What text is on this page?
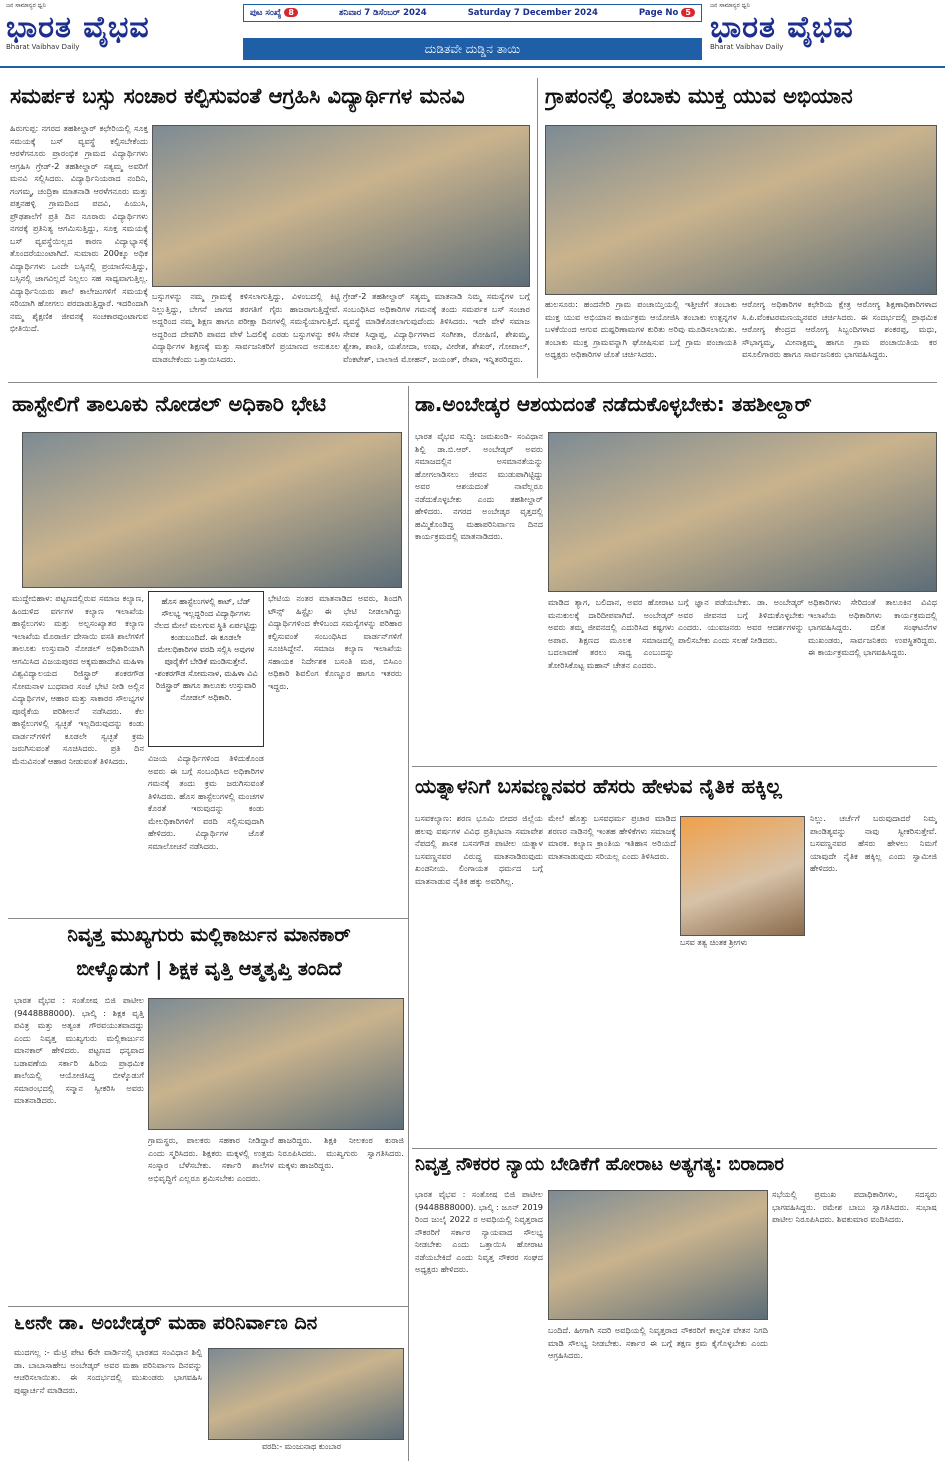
ಜನ ಸಾಮಾನ್ಯರ ಧ್ವನಿ
ಭಾರತ ವೈಭವ
Bharat Vaibhav Daily
ಪುಟ ಸಂಖ್ಯೆ 8	ಶನಿವಾರ 7 ಡಿಸೆಂಬರ್ 2024	Saturday 7 December 2024	Page No 5
ದುಡಿತವೇ ದುಡ್ಡಿನ ತಾಯಿ
ಜನ ಸಾಮಾನ್ಯರ ಧ್ವನಿ
ಭಾರತ ವೈಭವ
Bharat Vaibhav Daily
ಸಮರ್ಪಕ ಬಸ್ಸು ಸಂಚಾರ ಕಲ್ಪಿಸುವಂತೆ ಆಗ್ರಹಿಸಿ ವಿದ್ಯಾರ್ಥಿಗಳ ಮನವಿ
ಹಿರುಗುಪ್ಪ: ನಗರದ ತಹಶೀಲ್ದಾರ್ ಕಛೇರಿಯಲ್ಲಿ ಸೂಕ್ತ ಸಮಯಕ್ಕೆ ಬಸ್ ವ್ಯವಸ್ಥೆ ಕಲ್ಪಿಸಬೇಕೆಂದು ಆರಳೆಗನೂರು ಪ್ರಾರಂಭಿಕ ಗ್ರಾಮದ ವಿದ್ಯಾರ್ಥಿಗಳು ಆಗ್ರಹಿಸಿ ಗ್ರೇಡ್-2 ತಹಶೀಲ್ದಾರ್ ಸತ್ಯಮ್ಮ ಅವರಿಗೆ ಮನವಿ ಸಲ್ಲಿಸಿದರು. ವಿದ್ಯಾರ್ಥಿನಿಯರಾದ ನಂದಿನಿ, ಗಂಗಮ್ಮ, ಚಂದ್ರಿಕಾ ಮಾತನಾಡಿ ಆರಳೆಗನೂರು ಮತ್ತು ಪತ್ತನಹಳ್ಳಿ ಗ್ರಾಮದಿಂದ ಪದವಿ, ಪಿಯುಸಿ, ಪ್ರೌಢಶಾಲೆಗೆ ಪ್ರತಿ ದಿನ ನೂರಾರು ವಿದ್ಯಾರ್ಥಿಗಳು ನಗರಕ್ಕೆ ಪ್ರತಿನಿತ್ಯ ಆಗಮಿಸುತ್ತಿದ್ದು, ಸೂಕ್ತ ಸಮಯಕ್ಕೆ ಬಸ್ ವ್ಯವಸ್ಥೆಯಿಲ್ಲದ ಕಾರಣ ವಿದ್ಯಾಭ್ಯಾಸಕ್ಕೆ ತೊಂದರೆಯುಂಟಾಗಿದೆ. ಸುಮಾರು 200ಕ್ಕೂ ಅಧಿಕ ವಿದ್ಯಾರ್ಥಿಗಳು ಒಂದೇ ಬಸ್ಸಿನಲ್ಲಿ ಪ್ರಯಾಣಿಸುತ್ತಿದ್ದು, ಬಸ್ಸಿನಲ್ಲಿ ಜಾಗವಿಲ್ಲದೆ ನಿಲ್ಲಲು ಸಹ ಸಾಧ್ಯವಾಗುತ್ತಿಲ್ಲ. ವಿದ್ಯಾರ್ಥಿನಿಯರು ಶಾಲೆ ಕಾಲೇಜುಗಳಿಗೆ ಸಮಯಕ್ಕೆ ಸರಿಯಾಗಿ ಹೋಗಲು ಪರದಾಡುತ್ತಿದ್ದಾರೆ. ಇದರಿಂದಾಗಿ ನಮ್ಮ ಶೈಕ್ಷಣಿಕ ಜೀವನಕ್ಕೆ ಸಂಚಕಾರವುಂಟಾಗುವ ಭೀತಿಯಿದೆ.
ಬಸ್ಸುಗಳನ್ನು ನಮ್ಮ ಗ್ರಾಮಕ್ಕೆ ಕಳಿಸಲಾಗುತ್ತಿದ್ದು, ವಿಳಂಬದಲ್ಲಿ ಕಿಟ್ಟಿ ನಿಲ್ಲುತ್ತಿದ್ದು, ಬೇಗನೆ ಜಾಗದ ತರಗತಿಗೆ ಗೈರು ಹಾಜರಾಗುತ್ತಿದ್ದೇವೆ. ಅದ್ದರಿಂದ ನಮ್ಮ ಶಿಕ್ಷಣ ಹಾಗೂ ಪರೀಕ್ಷಾ ದಿನಗಳಲ್ಲಿ ಸಮಸ್ಯೆಯಾಗುತ್ತಿದೆ. ಅದ್ದರಿಂದ ದೇವಗಿರಿ ಪಾವದ ವೇಳೆ ಓದಲಿಕ್ಕೆ ಎರಡು ಬಸ್ಸುಗಳನ್ನು ಕಳಿಸಿ ವಿದ್ಯಾರ್ಥಿಗಳ ಶಿಕ್ಷಣಕ್ಕೆ ಮತ್ತು ಸಾರ್ವಜನಿಕರಿಗೆ ಪ್ರಯಾಣದ ಅನುಕೂಲ ಮಾಡಬೇಕೆಂದು ಒತ್ತಾಯಿಸಿದರು.
ಗ್ರೇಡ್-2 ತಹಶೀಲ್ದಾರ್ ಸತ್ಯಮ್ಮ ಮಾತನಾಡಿ ನಿಮ್ಮ ಸಮಸ್ಯೆಗಳ ಬಗ್ಗೆ ಸಂಬಂಧಿಸಿದ ಅಧಿಕಾರಿಗಳ ಗಮನಕ್ಕೆ ತಂದು ಸಮರ್ಪಕ ಬಸ್ ಸಂಚಾರ ವ್ಯವಸ್ಥೆ ಮಾಡಿಕೊಡಲಾಗುವುದೆಂದು ತಿಳಿಸಿದರು. ಇದೇ ವೇಳೆ ಸಮಾಜ ಸೇವಕ ಸಿದ್ದಾಪ್ಪ, ವಿದ್ಯಾರ್ಥಿಗಳಾದ ಸಂಗೀತಾ, ರೋಹಿಣಿ, ಶೇಖಮ್ಮ, ಶ್ವೇತಾ, ಶಾಂತಿ, ಯಶೋದಾ, ಉಷಾ, ವೀರೇಶ, ಶೇಖರ್, ಗೋಪಾಲ್, ವೆಂಕಟೇಶ್, ಬಾಲಾಜಿ ಮೋಹನ್, ಜಯಂತ್, ರೇಖಾ, ಇನ್ನಿತರರಿದ್ದರು.
ಗ್ರಾಪಂನಲ್ಲಿ ತಂಬಾಕು ಮುಕ್ತ ಯುವ ಅಭಿಯಾನ
ಹುಲಸೂರು: ಹಂದನೇರಿ ಗ್ರಾಮ ಪಂಚಾಯ್ತಿಯಲ್ಲಿ ಇತ್ತೀಚೆಗೆ ತಂಬಾಕು ಮುಕ್ತ ಯುವ ಅಭಿಯಾನ ಕಾರ್ಯಕ್ರಮ ಆಯೋಜಿಸಿ ತಂಬಾಕು ಉತ್ಪನ್ನಗಳ ಬಳಕೆಯಿಂದ ಆಗುವ ದುಷ್ಪರಿಣಾಮಗಳ ಕುರಿತು ಅರಿವು ಮೂಡಿಸಲಾಯಿತು. ತಂಬಾಕು ಮುಕ್ತ ಗ್ರಾಮವನ್ನಾಗಿ ಘೋಷಿಸುವ ಬಗ್ಗೆ ಗ್ರಾಮ ಪಂಚಾಯತಿ ಅಧ್ಯಕ್ಷರು ಅಧಿಕಾರಿಗಳ ಜೊತೆ ಚರ್ಚಿಸಿದರು.
ಆರೋಗ್ಯ ಅಧಿಕಾರಿಗಳ ಕಛೇರಿಯ ಕ್ಷೇತ್ರ ಆರೋಗ್ಯ ಶಿಕ್ಷಣಾಧಿಕಾರಿಗಳಾದ ಸಿ.ಪಿ.ವೆಂಕಟರಮಣಯ್ಯನವರ ಚರ್ಚಿಸಿದರು. ಈ ಸಂದರ್ಭದಲ್ಲಿ ಪ್ರಾಥಮಿಕ ಆರೋಗ್ಯ ಕೇಂದ್ರದ ಆರೋಗ್ಯ ಸಿಬ್ಬಂದಿಗಳಾದ ಶಂಕರಪ್ಪ, ಮಧು, ಸೌಭಾಗ್ಯಮ್ಮ, ಮೀನಾಕ್ಷಮ್ಮ ಹಾಗೂ ಗ್ರಾಮ ಪಂಚಾಯಿತಿಯ ಕರ ವಸೂಲಿಗಾರರು ಹಾಗೂ ಸಾರ್ವಜನಿಕರು ಭಾಗವಹಿಸಿದ್ದರು.
ಹಾಸ್ಟೇಲಿಗೆ ತಾಲೂಕು ನೋಡಲ್ ಅಧಿಕಾರಿ ಭೇಟಿ
ಹೊಸ ಹಾಸ್ಟೆಲುಗಳಲ್ಲಿ ಕಾಟ್, ಬೆಡ್ ಸೌಲಭ್ಯ ಇಲ್ಲದ್ದರಿಂದ ವಿದ್ಯಾರ್ಥಿಗಳು ನೆಲದ ಮೇಲೆ ಮಲಗುವ ಸ್ಥಿತಿ ಏರ್ಪಟ್ಟಿದ್ದು ಕಂಡುಬಂದಿದೆ. ಈ ಕೂಡಲೇ ಮೇಲಧಿಕಾರಿಗಳ ವರದಿ ಸಲ್ಲಿಸಿ ಅವುಗಳ ಪೂರೈಕೆಗೆ ಬೇಡಿಕೆ ಮಂಡಿಸುತ್ತೇನೆ. -ಶಂಕರಗೌಡ ಸೋಮನಾಳ, ಮಹಿಳಾ ವಿವಿ ರಿಜಿಸ್ಟ್ರಾರ್ ಹಾಗೂ ತಾಲೂಕು ಉಸ್ತುವಾರಿ ನೋಡಲ್ ಅಧಿಕಾರಿ.
ಮುದ್ದೇಬಿಹಾಳ: ಪಟ್ಟಣದಲ್ಲಿರುವ ಸಮಾಜ ಕಲ್ಯಾಣ, ಹಿಂದುಳಿದ ವರ್ಗಗಳ ಕಲ್ಯಾಣ ಇಲಾಖೆಯ ಹಾಸ್ಟೆಲುಗಳು ಮತ್ತು ಅಲ್ಪಸಂಖ್ಯಾತರ ಕಲ್ಯಾಣ ಇಲಾಖೆಯ ಮೊರಾರ್ಜಿ ದೇಸಾಯಿ ವಸತಿ ಶಾಲೆಗಳಿಗೆ ತಾಲೂಕು ಉಸ್ತುವಾರಿ ನೋಡಲ್ ಅಧಿಕಾರಿಯಾಗಿ ಆಗಮಿಸಿದ ವಿಜಯಪುರದ ಅಕ್ಕಮಹಾದೇವಿ ಮಹಿಳಾ ವಿಶ್ವವಿದ್ಯಾಲಯದ ರಿಜಿಸ್ಟ್ರಾರ್ ಶಂಕರಗೌಡ ಸೋಮನಾಳ ಬುಧವಾರ ಸಂಜೆ ಭೇಟಿ ನೀಡಿ ಅಲ್ಲಿನ ವಿದ್ಯಾರ್ಥಿಗಳ, ಆಹಾರ ಮತ್ತು ಸಾಕಾರರ ಸೌಲಭ್ಯಗಳ ಪೂರೈಕೆಯ ಪರಿಶೀಲನೆ ನಡೆಸಿದರು. ಕೆಲ ಹಾಸ್ಟೆಲುಗಳಲ್ಲಿ ಸ್ವಚ್ಛತೆ ಇಲ್ಲದಿರುವುದನ್ನು ಕಂಡು ವಾರ್ಡನ್‌ಗಳಿಗೆ ಕೂಡಲೇ ಸ್ವಚ್ಛತೆ ಕ್ರಮ ಜರುಗಿಸುವಂತೆ ಸೂಚಿಸಿದರು. ಪ್ರತಿ ದಿನ ಮೆನುವಿನಂತೆ ಆಹಾರ ನೀಡುವಂತೆ ತಿಳಿಸಿದರು.	ವಿಜಯ ವಿದ್ಯಾರ್ಥಿಗಳಿಂದ ತಿಳಿದುಕೊಂಡ ಅವರು ಈ ಬಗ್ಗೆ ಸಂಬಂಧಿಸಿದ ಅಧಿಕಾರಿಗಳ ಗಮನಕ್ಕೆ ತಂದು ಕ್ರಮ ಜರುಗಿಸುವಂತೆ ತಿಳಿಸಿದರು. ಹೊಸ ಹಾಸ್ಟೆಲುಗಳಲ್ಲಿ ಮಂಚಗಳ ಕೊರತೆ ಇರುವುದನ್ನು ಕಂಡು ಮೇಲಧಿಕಾರಿಗಳಿಗೆ ವರದಿ ಸಲ್ಲಿಸುವುದಾಗಿ ಹೇಳಿದರು. ವಿದ್ಯಾರ್ಥಿಗಳ ಜೊತೆ ಸಮಾಲೋಚನೆ ನಡೆಸಿದರು.
ಭೇಟಿಯ ನಂತರ ಮಾತನಾಡಿದ ಅವರು, ಶಿಂದಗಿ ಟೌನ್ಸ್ ಹಿಸ್ಟೈಲ ಈ ಭೇಟಿ ನೀಡಲಾಗಿದ್ದು ವಿದ್ಯಾರ್ಥಿಗಳಿಂದ ಕೇಳಿಬಂದ ಸಮಸ್ಯೆಗಳನ್ನು ಪರಿಹಾರ ಕಲ್ಪಿಸುವಂತೆ ಸಂಬಂಧಿಸಿದ ವಾರ್ಡನ್‌ಗಳಿಗೆ ಸೂಚಿಸಿದ್ದೇನೆ. ಸಮಾಜ ಕಲ್ಯಾಣ ಇಲಾಖೆಯ ಸಹಾಯಕ ನಿರ್ದೇಶಕ ಬಸಂತಿ ಮಠ, ಬಿಸಿಎಂ ಅಧಿಕಾರಿ ಶಿವಲಿಂಗ ಕೊಣ್ಣೂರ ಹಾಗೂ ಇತರರು ಇದ್ದರು.
ಡಾ.ಅಂಬೇಡ್ಕರ ಆಶಯದಂತೆ ನಡೆದುಕೊಳ್ಳಬೇಕು: ತಹಶೀಲ್ದಾರ್
ಭಾರತ ವೈಭವ ಸುದ್ದಿ: ಜಮಖಂಡಿ- ಸಂವಿಧಾನ ಶಿಲ್ಪಿ ಡಾ.ಬಿ.ಆರ್. ಅಂಬೇಡ್ಕರ್ ಅವರು ಸಮಾಜದಲ್ಲಿನ ಅಸಮಾನತೆಯನ್ನು ಹೋಗಲಾಡಿಸಲು ಜೀವನ ಮುಡುಪಾಗಿಟ್ಟಿದ್ದು ಅವರ ಆಶಯದಂತೆ ನಾವೆಲ್ಲರೂ ನಡೆದುಕೊಳ್ಳಬೇಕು ಎಂದು ತಹಶೀಲ್ದಾರ್ ಹೇಳಿದರು. ನಗರದ ಅಂಬೇಡ್ಕರ ವೃತ್ತದಲ್ಲಿ ಹಮ್ಮಿಕೊಂಡಿದ್ದ ಮಹಾಪರಿನಿರ್ವಾಣ ದಿನದ ಕಾರ್ಯಕ್ರಮದಲ್ಲಿ ಮಾತನಾಡಿದರು.
ಮಾಡಿದ ತ್ಯಾಗ, ಬಲಿದಾನ, ಅವರ ಹೋರಾಟ ಮನುಕುಲಕ್ಕೆ ದಾರಿದೀಪವಾಗಿದೆ. ಅಂಬೇಡ್ಕರ್ ಅವರು ತಮ್ಮ ಜೀವನದಲ್ಲಿ ಎದುರಿಸಿದ ಕಷ್ಟಗಳು ಅಪಾರ. ಶಿಕ್ಷಣದ ಮೂಲಕ ಸಮಾಜದಲ್ಲಿ ಬದಲಾವಣೆ ತರಲು ಸಾಧ್ಯ ಎಂಬುದನ್ನು ತೋರಿಸಿಕೊಟ್ಟ ಮಹಾನ್ ಚೇತನ ಎಂದರು.
ಬಗ್ಗೆ ಜ್ಞಾನ ಪಡೆಯಬೇಕು. ಡಾ. ಅಂಬೇಡ್ಕರ್ ಅವರ ಜೀವನದ ಬಗ್ಗೆ ತಿಳಿದುಕೊಳ್ಳಬೇಕು ಎಂದರು. ಯುವಜನರು ಅವರ ಆದರ್ಶಗಳನ್ನು ಪಾಲಿಸಬೇಕು ಎಂದು ಸಲಹೆ ನೀಡಿದರು.
ಅಧಿಕಾರಿಗಳು ಸೇರಿದಂತೆ ತಾಲೂಕಿನ ವಿವಿಧ ಇಲಾಖೆಯ ಅಧಿಕಾರಿಗಳು ಕಾರ್ಯಕ್ರಮದಲ್ಲಿ ಭಾಗವಹಿಸಿದ್ದರು. ದಲಿತ ಸಂಘಟನೆಗಳ ಮುಖಂಡರು, ಸಾರ್ವಜನಿಕರು ಉಪಸ್ಥಿತರಿದ್ದರು. ಈ ಕಾರ್ಯಕ್ರಮದಲ್ಲಿ ಭಾಗವಹಿಸಿದ್ದರು.
ಯತ್ನಾಳನಿಗೆ ಬಸವಣ್ಣನವರ ಹೆಸರು ಹೇಳುವ ನೈತಿಕ ಹಕ್ಕಿಲ್ಲ
ಬಸವಕಲ್ಯಾಣ: ಶರಣ ಭೂಮಿ ಬೀದರ ಜಿಲ್ಲೆಯ ಹಲವು ವರ್ಷಗಳ ವಿವಿಧ ಪ್ರತಿಭಟನಾ ಸಮಾವೇಶ ನೆಪದಲ್ಲಿ ಶಾಸಕ ಬಸನಗೌಡ ಪಾಟೀಲ ಯತ್ನಾಳ ಬಸವಣ್ಣನವರ ವಿರುದ್ಧ ಮಾತನಾಡಿರುವುದು ಖಂಡನೀಯ. ಲಿಂಗಾಯತ ಧರ್ಮದ ಬಗ್ಗೆ ಮಾತನಾಡುವ ನೈತಿಕ ಹಕ್ಕು ಅವರಿಗಿಲ್ಲ.
ಮೇಲೆ ಹೊತ್ತು ಬಸವಧರ್ಮ ಪ್ರಚಾರ ಮಾಡಿದ ಶರಣರ ನಾಡಿನಲ್ಲಿ ಇಂತಹ ಹೇಳಿಕೆಗಳು ಸಮಾಜಕ್ಕೆ ಮಾರಕ. ಕಲ್ಯಾಣ ಕ್ರಾಂತಿಯ ಇತಿಹಾಸ ಅರಿಯದೆ ಮಾತನಾಡುವುದು ಸರಿಯಲ್ಲ ಎಂದು ತಿಳಿಸಿದರು.
ಬಸವ ತತ್ವ ಚಿಂತಕ ಶ್ರೀಗಳು
ನಿಲ್ಲು. ಚರ್ಚೆಗೆ ಬರುವುದಾದರೆ ನಿಮ್ಮ ಪಾಂಡಿತ್ಯವನ್ನು ನಾವು ಸ್ವೀಕರಿಸುತ್ತೇವೆ. ಬಸವಣ್ಣನವರ ಹೆಸರು ಹೇಳಲು ನಿಮಗೆ ಯಾವುದೇ ನೈತಿಕ ಹಕ್ಕಿಲ್ಲ ಎಂದು ಸ್ವಾಮೀಜಿ ಹೇಳಿದರು.
ನಿವೃತ್ತ ಮುಖ್ಯಗುರು ಮಲ್ಲಿಕಾರ್ಜುನ ಮಾನಕಾರ್
ಬೀಳ್ಕೊಡುಗೆ | ಶಿಕ್ಷಕ ವೃತ್ತಿ ಆತ್ಮತೃಪ್ತಿ ತಂದಿದೆ
ಭಾರತ ವೈಭವ : ಸಂತೋಷ ಬಿಜಿ ಪಾಟೀಲ (9448888000). ಭಾಲ್ಕಿ : ಶಿಕ್ಷಕ ವೃತ್ತಿ ಪವಿತ್ರ ಮತ್ತು ಅತ್ಯಂತ ಗೌರವಯುತವಾದದ್ದು ಎಂದು ನಿವೃತ್ತ ಮುಖ್ಯಗುರು ಮಲ್ಲಿಕಾರ್ಜುನ ಮಾನಕಾರ್ ಹೇಳಿದರು. ಪಟ್ಟಣದ ಧನ್ಯವಾದ ಬಡಾವಣೆಯ ಸರ್ಕಾರಿ ಹಿರಿಯ ಪ್ರಾಥಮಿಕ ಶಾಲೆಯಲ್ಲಿ ಆಯೋಜಿಸಿದ್ದ ಬೀಳ್ಕೊಡುಗೆ ಸಮಾರಂಭದಲ್ಲಿ ಸನ್ಮಾನ ಸ್ವೀಕರಿಸಿ ಅವರು ಮಾತನಾಡಿದರು.
ಗ್ರಾಮಸ್ಥರು, ಪಾಲಕರು ಸಹಕಾರ ನೀಡಿದ್ದಾರೆ ಎಂದು ಸ್ಮರಿಸಿದರು. ಶಿಕ್ಷಕರು ಮಕ್ಕಳಲ್ಲಿ ಉತ್ತಮ ಸಂಸ್ಕಾರ ಬೆಳೆಸಬೇಕು. ಸರ್ಕಾರಿ ಶಾಲೆಗಳ ಅಭಿವೃದ್ಧಿಗೆ ಎಲ್ಲರೂ ಶ್ರಮಿಸಬೇಕು ಎಂದರು.
ಹಾಜರಿದ್ದರು. ಶಿಕ್ಷಕಿ ನೀಲಕಂಠ ಕುರಾಜಿ ನಿರೂಪಿಸಿದರು. ಮುಖ್ಯಗುರು ಸ್ವಾಗತಿಸಿದರು. ಮಕ್ಕಳು ಹಾಜರಿದ್ದರು.
೬೮ನೇ ಡಾ. ಅಂಬೇಡ್ಕರ್ ಮಹಾ ಪರಿನಿರ್ವಾಣ ದಿನ
ಮುದಗಲ್ಲ :- ಮೆಟ್ರಿ ಪೇಟ 6ನೇ ವಾರ್ಡಿನಲ್ಲಿ ಭಾರತದ ಸಂವಿಧಾನ ಶಿಲ್ಪಿ ಡಾ. ಬಾಬಾಸಾಹೇಬ ಅಂಬೇಡ್ಕರ್ ಅವರ ಮಹಾ ಪರಿನಿರ್ವಾಣ ದಿನವನ್ನು ಆಚರಿಸಲಾಯಿತು. ಈ ಸಂದರ್ಭದಲ್ಲಿ ಮುಖಂಡರು ಭಾಗವಹಿಸಿ ಪುಷ್ಪಾರ್ಚನೆ ಮಾಡಿದರು.
ವರದಿ:- ಮಂಜುನಾಥ ಕುಂಬಾರ
ನಿವೃತ್ತ ನೌಕರರ ನ್ಯಾಯ ಬೇಡಿಕೆಗೆ ಹೋರಾಟ ಅತ್ಯಗತ್ಯ: ಬಿರಾದಾರ
ಭಾರತ ವೈಭವ : ಸಂತೋಷ ಬಿಜಿ ಪಾಟೀಲ (9448888000). ಭಾಲ್ಕಿ : ಜೂನ್ 2019 ರಿಂದ ಜುಲೈ 2022 ರ ಅವಧಿಯಲ್ಲಿ ನಿವೃತ್ತರಾದ ನೌಕರರಿಗೆ ಸರ್ಕಾರ ನ್ಯಾಯವಾದ ಸೌಲಭ್ಯ ನೀಡಬೇಕು ಎಂದು ಒತ್ತಾಯಿಸಿ ಹೋರಾಟ ನಡೆಯಬೇಕಿದೆ ಎಂದು ನಿವೃತ್ತ ನೌಕರರ ಸಂಘದ ಅಧ್ಯಕ್ಷರು ಹೇಳಿದರು.
ಬಂದಿದೆ. ಹೀಗಾಗಿ ಸದರಿ ಅವಧಿಯಲ್ಲಿ ನಿವೃತ್ತರಾದ ನೌಕರರಿಗೆ ಕಾಲ್ಪನಿಕ ವೇತನ ನಿಗದಿ ಮಾಡಿ ಸೌಲಭ್ಯ ನೀಡಬೇಕು. ಸರ್ಕಾರ ಈ ಬಗ್ಗೆ ತಕ್ಷಣ ಕ್ರಮ ಕೈಗೊಳ್ಳಬೇಕು ಎಂದು ಆಗ್ರಹಿಸಿದರು.
ಸಭೆಯಲ್ಲಿ ಪ್ರಮುಖ ಪದಾಧಿಕಾರಿಗಳು, ಸದಸ್ಯರು ಭಾಗವಹಿಸಿದ್ದರು. ರಮೇಶ ಬಾಬು ಸ್ವಾಗತಿಸಿದರು. ಸುಭಾಷ ಪಾಟೀಲ ನಿರೂಪಿಸಿದರು. ಶಿವಕುಮಾರ ವಂದಿಸಿದರು.
